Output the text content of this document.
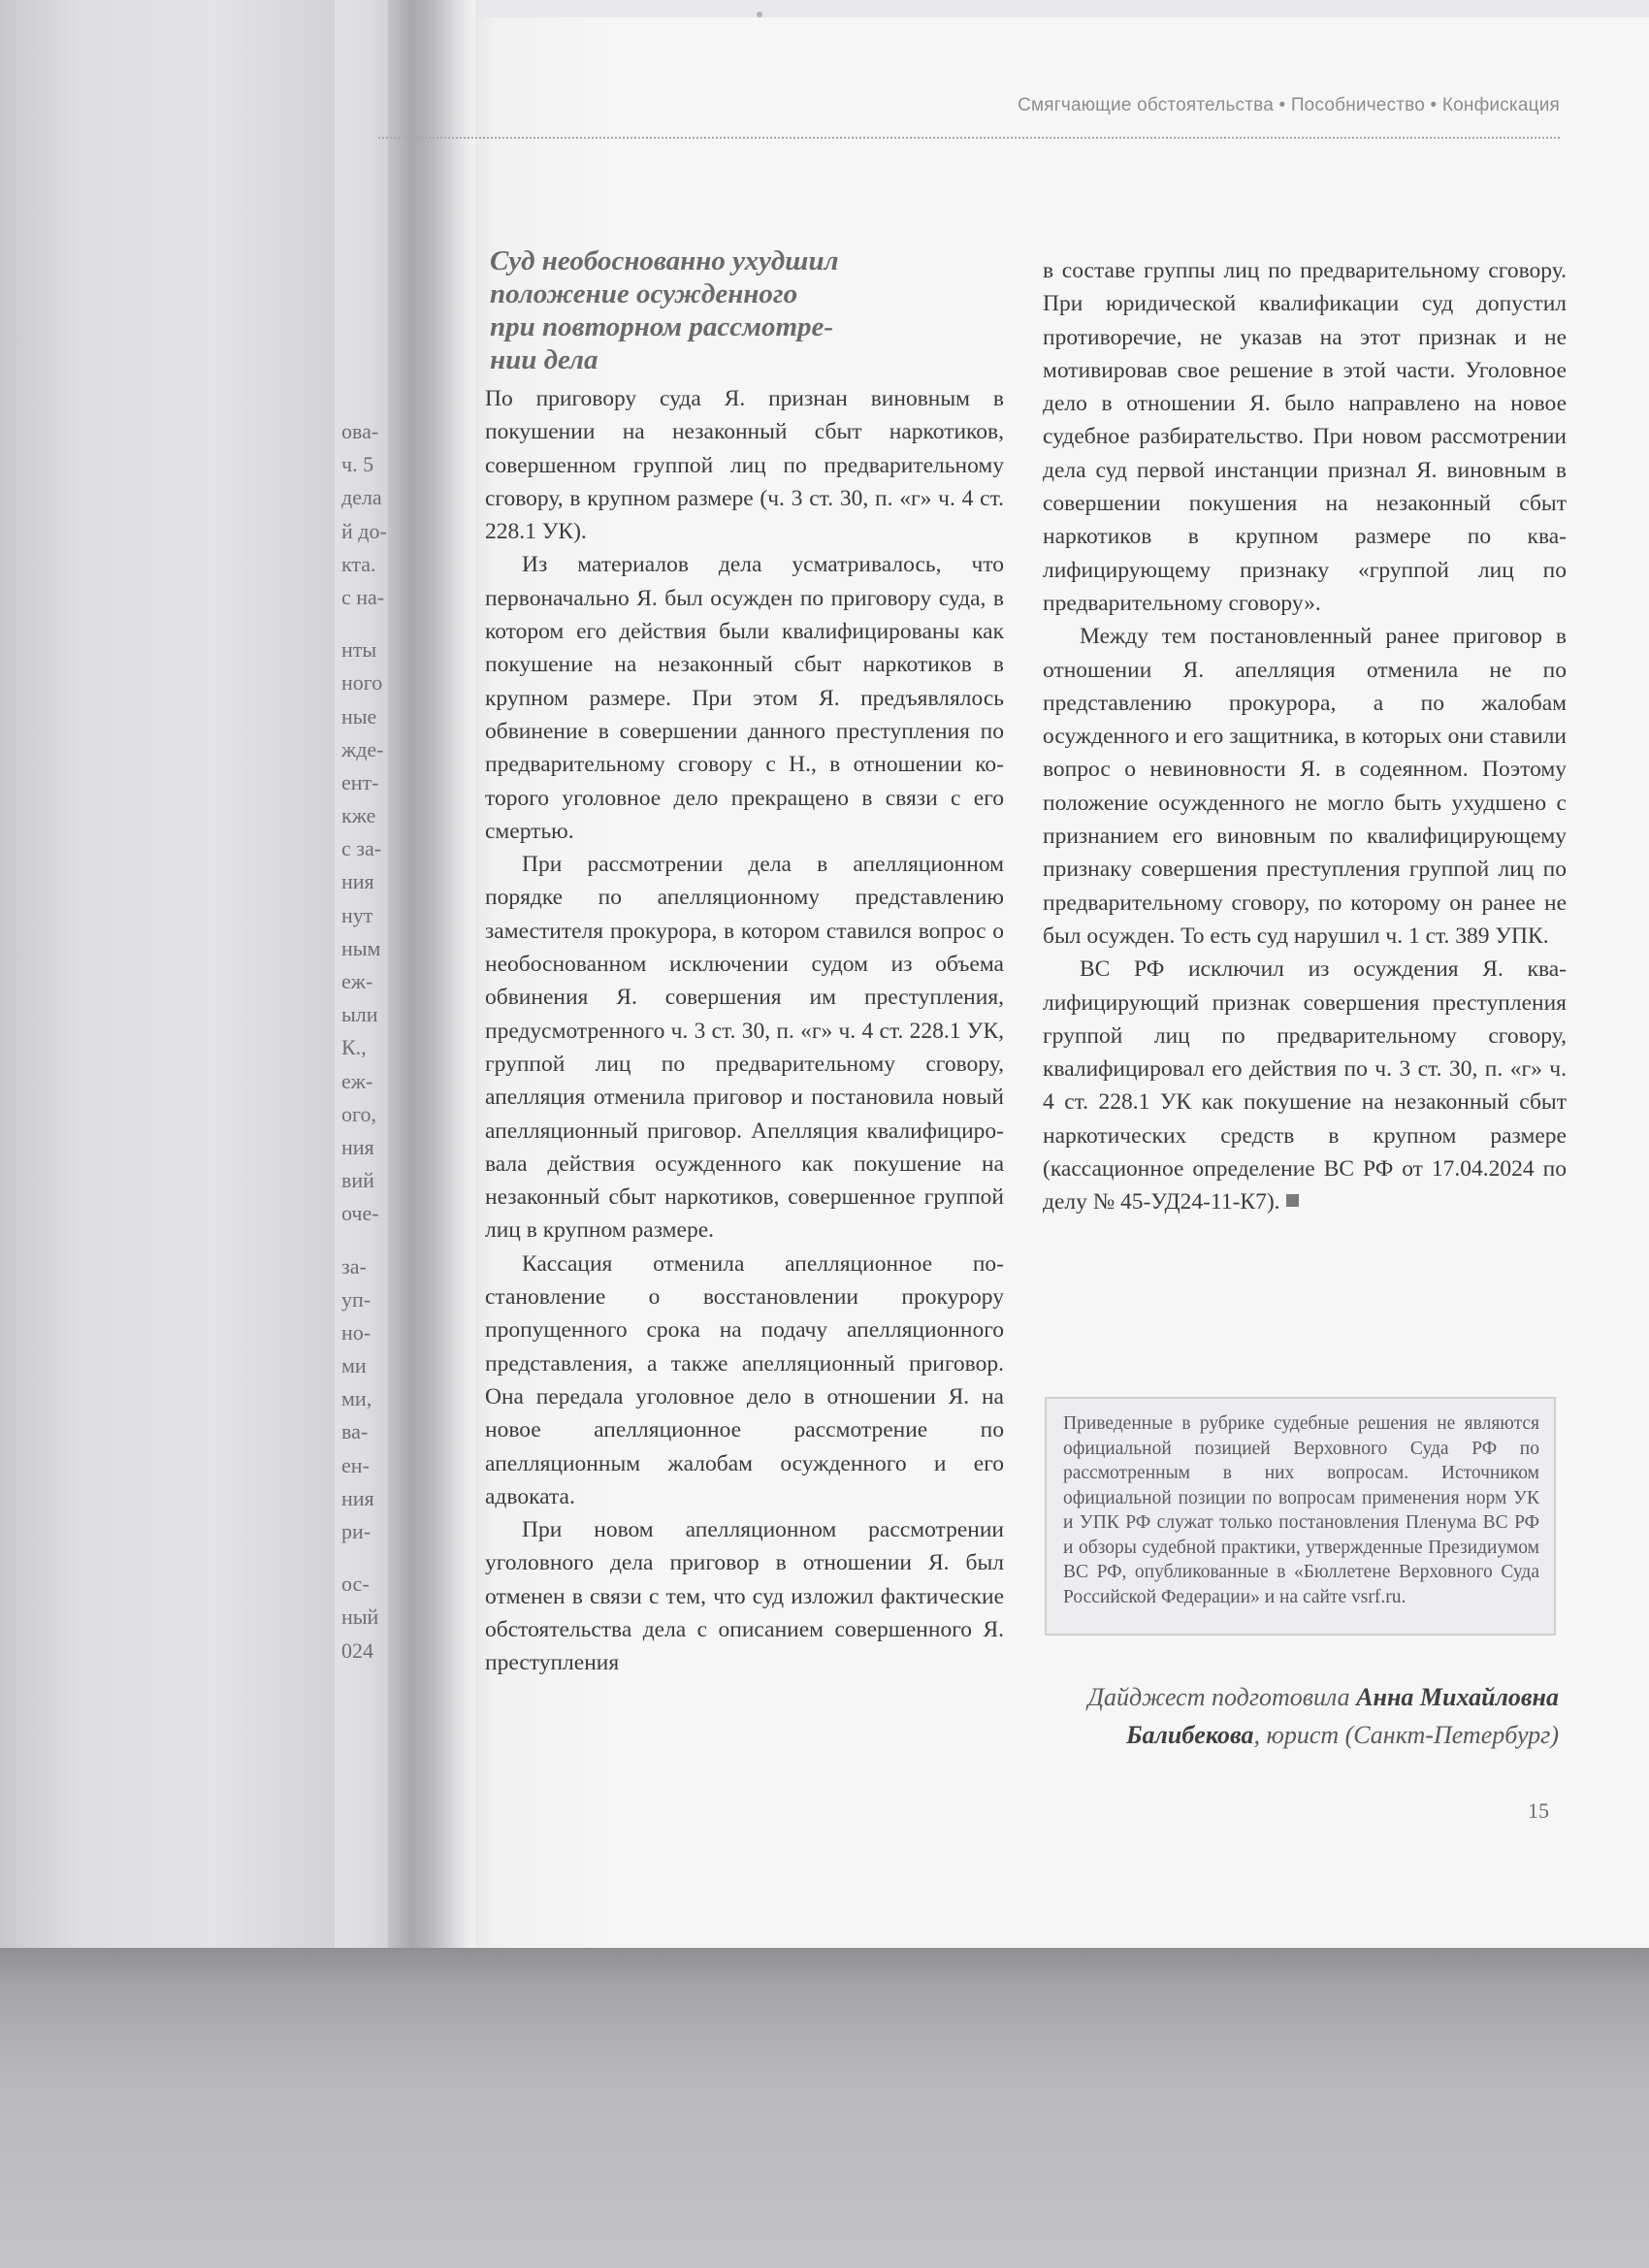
ова-
ч. 5
дела
й до-
кта.
с на-
нты
ного
ные
жде-
ент-
кже
с за-
ния
нут
ным
еж-
ыли
К.,
еж-
ого,
ния
вий
оче-
за-
уп-
но-
ми
ми,
ва-
ен-
ния
ри-
ос-
ный
024
Смягчающие обстоятельства • Пособничество • Конфискация
Суд необоснованно ухудшил
положение осужденного
при повторном рассмотре-
нии дела

По приговору суда Я. признан виновным в покушении на незаконный сбыт наркотиков, совершенном группой лиц по предварительному сговору, в крупном размере (ч. 3 ст. 30, п. «г» ч. 4 ст. 228.1 УК).

Из материалов дела усматривалось, что первоначально Я. был осужден по приговору суда, в котором его действия были квалифицированы как покушение на незаконный сбыт наркотиков в крупном размере. При этом Я. предъявлялось обвинение в совершении данного преступления по предварительному сговору с Н., в отношении которого уголовное дело прекращено в связи с его смертью.

При рассмотрении дела в апелляционном порядке по апелляционному представлению заместителя прокурора, в котором ставился вопрос о необоснованном исключении судом из объема обвинения Я. совершения им преступления, предусмотренного ч. 3 ст. 30, п. «г» ч. 4 ст. 228.1 УК, группой лиц по предварительному сговору, апелляция отменила приговор и постановила новый апелляционный приговор. Апелляция квалифицировала действия осужденного как покушение на незаконный сбыт наркотиков, совершенное группой лиц в крупном размере.

Кассация отменила апелляционное постановление о восстановлении прокурору пропущенного срока на подачу апелляционного представления, а также апелляционный приговор. Она передала уголовное дело в отношении Я. на новое апелляционное рассмотрение по апелляционным жалобам осужденного и его адвоката.

При новом апелляционном рассмотрении уголовного дела приговор в отношении Я. был отменен в связи с тем, что суд изложил фактические обстоятельства дела с описанием совершенного Я. преступления

в составе группы лиц по предварительному сговору. При юридической квалификации суд допустил противоречие, не указав на этот признак и не мотивировав свое решение в этой части. Уголовное дело в отношении Я. было направлено на новое судебное разбирательство. При новом рассмотрении дела суд первой инстанции признал Я. виновным в совершении покушения на незаконный сбыт наркотиков в крупном размере по квалифицирующему признаку «группой лиц по предварительному сговору».

Между тем постановленный ранее приговор в отношении Я. апелляция отменила не по представлению прокурора, а по жалобам осужденного и его защитника, в которых они ставили вопрос о невиновности Я. в содеянном. Поэтому положение осужденного не могло быть ухудшено с признанием его виновным по квалифицирующему признаку совершения преступления группой лиц по предварительному сговору, по которому он ранее не был осужден. То есть суд нарушил ч. 1 ст. 389 УПК.

ВС РФ исключил из осуждения Я. квалифицирующий признак совершения преступления группой лиц по предварительному сговору, квалифицировал его действия по ч. 3 ст. 30, п. «г» ч. 4 ст. 228.1 УК как покушение на незаконный сбыт наркотических средств в крупном размере (кассационное определение ВС РФ от 17.04.2024 по делу № 45-УД24-11-К7).

Приведенные в рубрике судебные решения не являются официальной позицией Верховного Суда РФ по рассмотренным в них вопросам. Источником официальной позиции по вопросам применения норм УК и УПК РФ служат только постановления Пленума ВС РФ и обзоры судебной практики, утвержденные Президиумом ВС РФ, опубликованные в «Бюллетене Верховного Суда Российской Федерации» и на сайте vsrf.ru.
Дайджест подготовила Анна Михайловна Балибекова, юрист (Санкт-Петербург)
15
